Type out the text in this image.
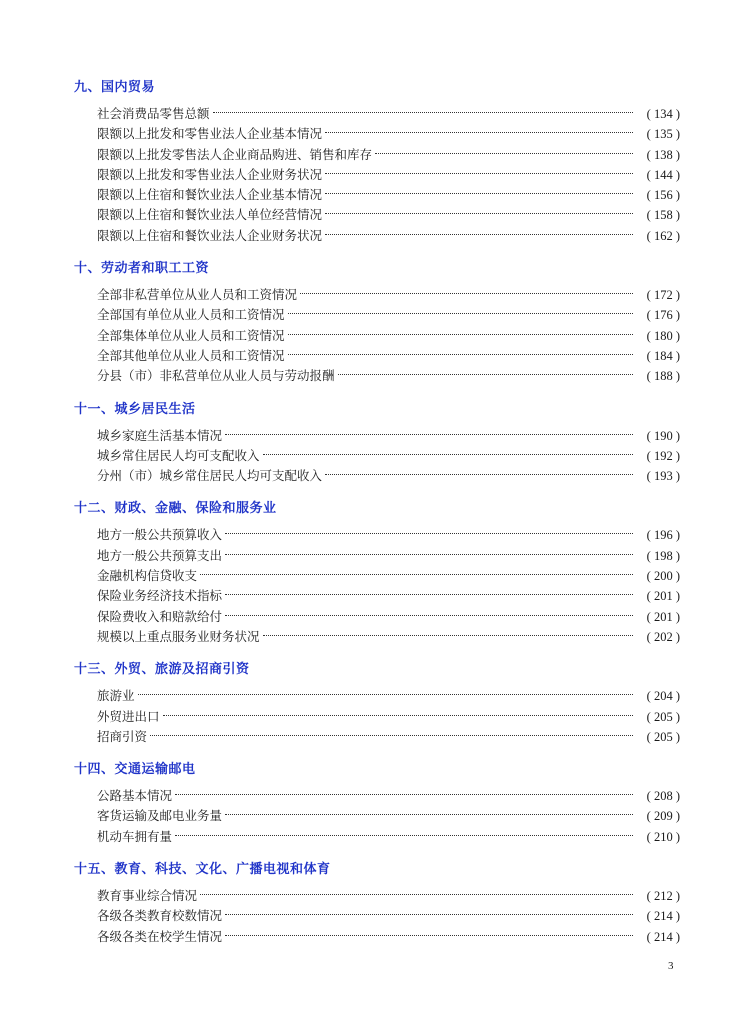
九、国内贸易
社会消费品零售总额	( 134 )
限额以上批发和零售业法人企业基本情况	( 135 )
限额以上批发零售法人企业商品购进、销售和库存	( 138 )
限额以上批发和零售业法人企业财务状况	( 144 )
限额以上住宿和餐饮业法人企业基本情况	( 156 )
限额以上住宿和餐饮业法人单位经营情况	( 158 )
限额以上住宿和餐饮业法人企业财务状况	( 162 )
十、劳动者和职工工资
全部非私营单位从业人员和工资情况	( 172 )
全部国有单位从业人员和工资情况	( 176 )
全部集体单位从业人员和工资情况	( 180 )
全部其他单位从业人员和工资情况	( 184 )
分县（市）非私营单位从业人员与劳动报酬	( 188 )
十一、城乡居民生活
城乡家庭生活基本情况	( 190 )
城乡常住居民人均可支配收入	( 192 )
分州（市）城乡常住居民人均可支配收入	( 193 )
十二、财政、金融、保险和服务业
地方一般公共预算收入	( 196 )
地方一般公共预算支出	( 198 )
金融机构信贷收支	( 200 )
保险业务经济技术指标	( 201 )
保险费收入和赔款给付	( 201 )
规模以上重点服务业财务状况	( 202 )
十三、外贸、旅游及招商引资
旅游业	( 204 )
外贸进出口	( 205 )
招商引资	( 205 )
十四、交通运输邮电
公路基本情况	( 208 )
客货运输及邮电业务量	( 209 )
机动车拥有量	( 210 )
十五、教育、科技、文化、广播电视和体育
教育事业综合情况	( 212 )
各级各类教育校数情况	( 214 )
各级各类在校学生情况	( 214 )
3
